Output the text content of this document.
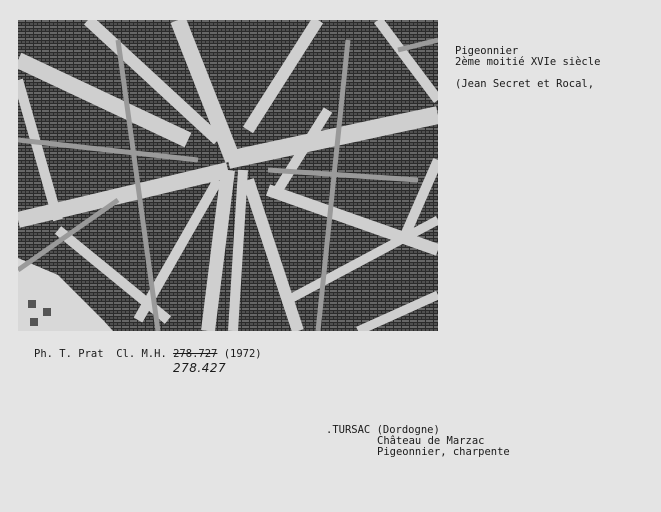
Pigeonnier
2ème moitié XVIe siècle
(Jean Secret et Rocal,
Ph. T. Prat Cl. M.H. 278.727 (1972)
278.427
.TURSAC (Dordogne)
Château de Marzac
Pigeonnier, charpente
